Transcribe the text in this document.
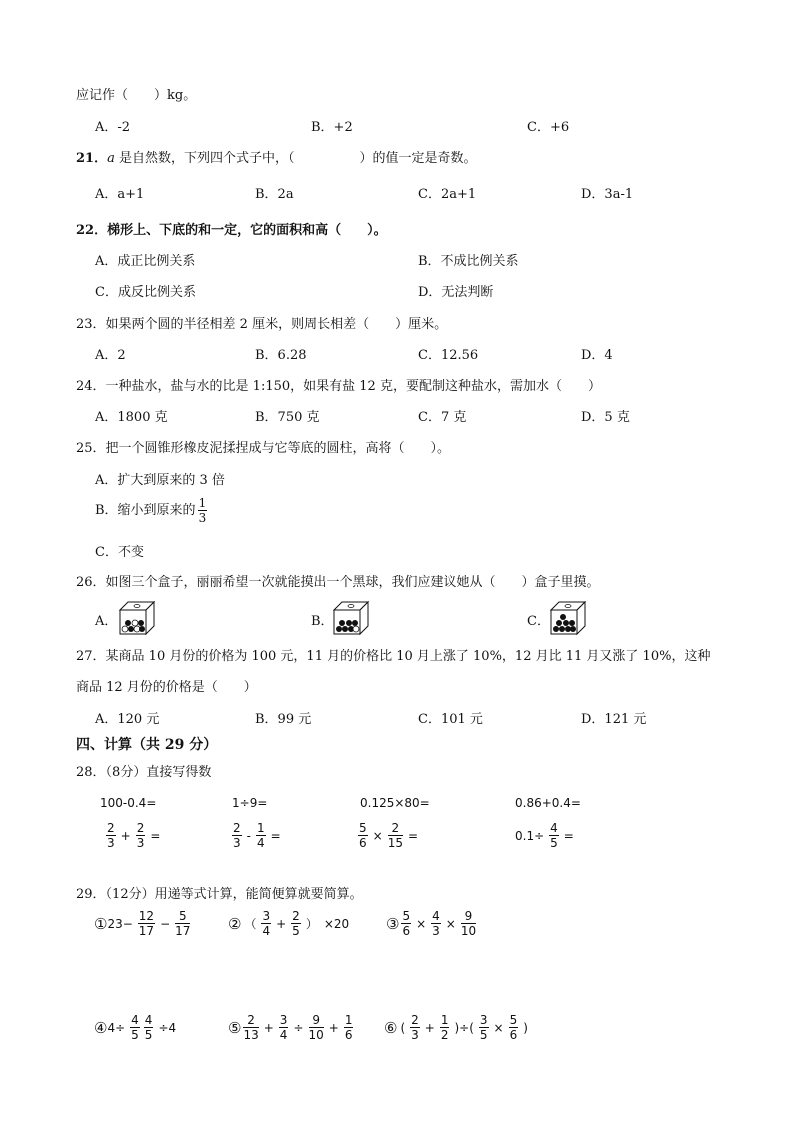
应记作（　　）kg。
A．-2	B．+2	C．+6
21．a 是自然数，下列四个式子中，（　　　　　）的值一定是奇数。
A．a+1	B．2a	C．2a+1	D．3a-1
22．梯形上、下底的和一定，它的面积和高（　　）。
A．成正比例关系	B．不成比例关系
C．成反比例关系	D．无法判断
23．如果两个圆的半径相差 2 厘米，则周长相差（　　）厘米。
A．2	B．6.28	C．12.56	D．4
24．一种盐水，盐与水的比是 1:150，如果有盐 12 克，要配制这种盐水，需加水（　　）
A．1800 克	B．750 克	C．7 克	D．5 克
25．把一个圆锥形橡皮泥揉捏成与它等底的圆柱，高将（　　）。
A．扩大到原来的 3 倍
B．缩小到原来的 $\frac{1}{3}$
C．不变
26．如图三个盒子，丽丽希望一次就能摸出一个黑球，我们应建议她从（　　）盒子里摸。
A．	B．	C．
27．某商品 10 月份的价格为 100 元，11 月的价格比 10 月上涨了 10%，12 月比 11 月又涨了 10%，这种
商品 12 月份的价格是（　　）
A．120 元	B．99 元	C．101 元	D．121 元
四、计算（共 29 分）
28．（8分）直接写得数
100-0.4=	1÷9=	0.125×80=	0.86+0.4=
$\frac{2}{3} + \frac{2}{3}$ =	$\frac{2}{3} - \frac{1}{4}$ =	$\frac{5}{6} \times \frac{2}{15}$ =	$0.1\div \frac{4}{5}$ =
29．（12分）用递等式计算，能简便算就要简算。
①23− $\frac{12}{17} - \frac{5}{17}$	② （ $\frac{3}{4} + \frac{2}{5}$ ） ×20 ③ $\frac{5}{6} \times \frac{4}{3} \times \frac{9}{10}$
④4÷ $\frac{4}{5} \frac{4}{5} \div 4$	⑤ $\frac{2}{13} + \frac{3}{4} \div \frac{9}{10} + \frac{1}{6}$ ⑥ ( $\frac{2}{3} + \frac{1}{2}$ )÷( $\frac{3}{5} \times \frac{5}{6}$ )
